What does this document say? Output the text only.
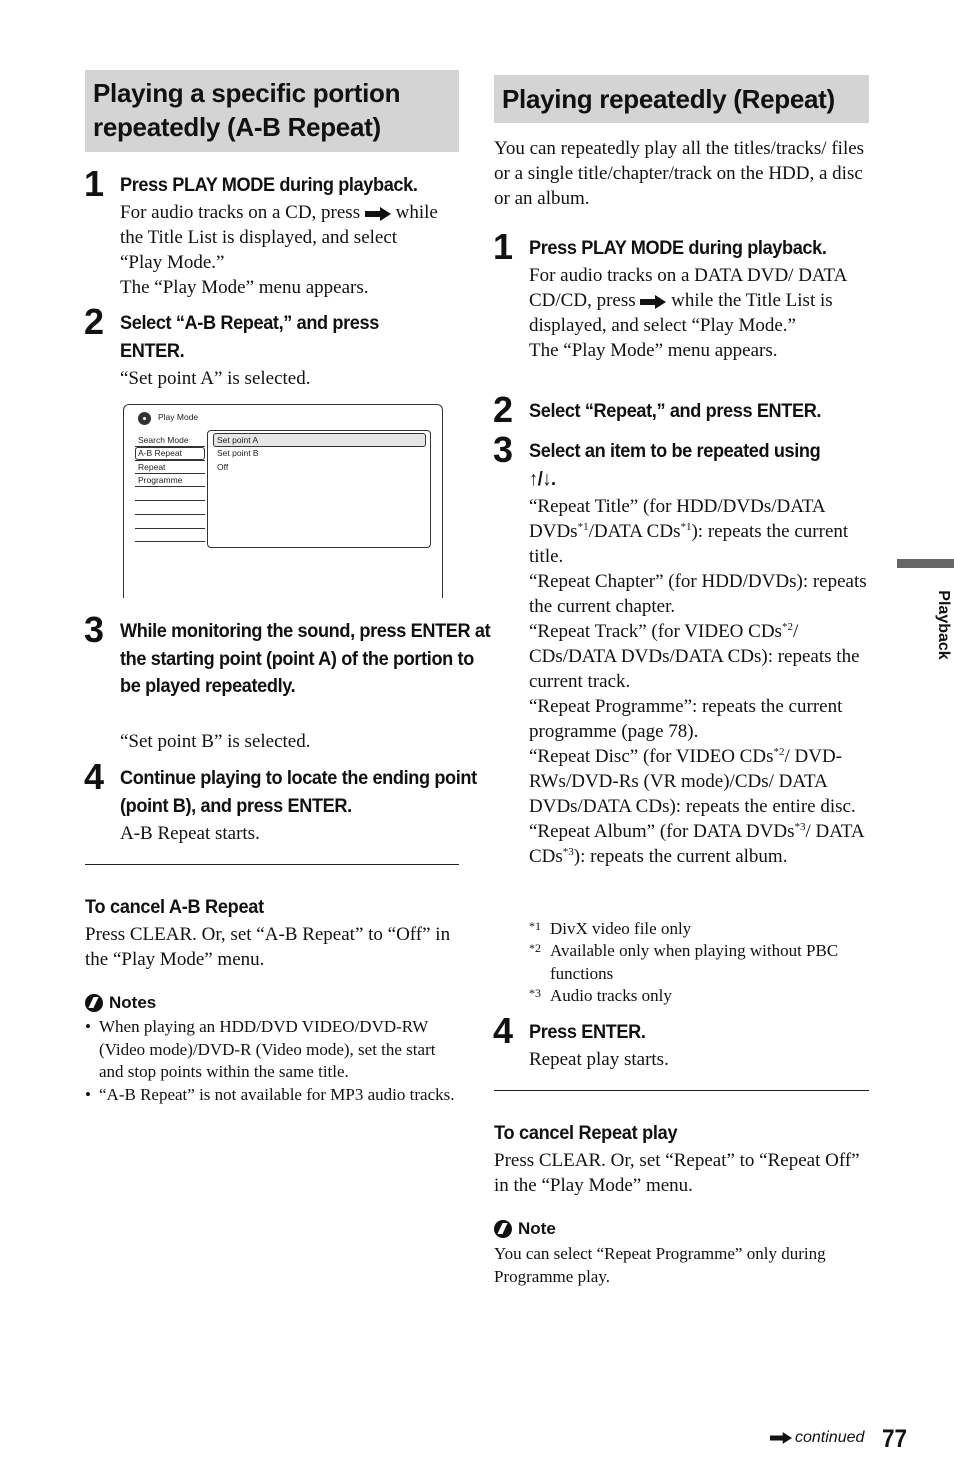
Playing a specific portion repeatedly (A-B Repeat)
1 Press PLAY MODE during playback.
For audio tracks on a CD, press while the Title List is displayed, and select “Play Mode.”
The “Play Mode” menu appears.
2 Select “A-B Repeat,” and press ENTER.
“Set point A” is selected.
Play Mode
Search Mode
A-B Repeat
Repeat
Programme
Set point A
Set point B
Off
3 While monitoring the sound, press ENTER at the starting point (point A) of the portion to be played repeatedly.
“Set point B” is selected.
4 Continue playing to locate the ending point (point B), and press ENTER.
A-B Repeat starts.
To cancel A-B Repeat
Press CLEAR. Or, set “A-B Repeat” to “Off” in the “Play Mode” menu.
Notes
• When playing an HDD/DVD VIDEO/DVD-RW (Video mode)/DVD-R (Video mode), set the start and stop points within the same title.
• “A-B Repeat” is not available for MP3 audio tracks.
Playing repeatedly (Repeat)
You can repeatedly play all the titles/tracks/ files or a single title/chapter/track on the HDD, a disc or an album.
1 Press PLAY MODE during playback.
For audio tracks on a DATA DVD/ DATA CD/CD, press while the Title List is displayed, and select “Play Mode.”
The “Play Mode” menu appears.
2 Select “Repeat,” and press ENTER.
3 Select an item to be repeated using
↑/↓.
“Repeat Title” (for HDD/DVDs/DATA DVDs$^{*1}$/DATA CDs$^{*1}$): repeats the current title.
“Repeat Chapter” (for HDD/DVDs): repeats the current chapter.
“Repeat Track” (for VIDEO CDs$^{*2}$/ CDs/DATA DVDs/DATA CDs): repeats the current track.
“Repeat Programme”: repeats the current programme (page 78).
“Repeat Disc” (for VIDEO CDs$^{*2}$/ DVD-RWs/DVD-Rs (VR mode)/CDs/ DATA DVDs/DATA CDs): repeats the entire disc.
“Repeat Album” (for DATA DVDs$^{*3}$/ DATA CDs$^{*3}$): repeats the current album.
*1 DivX video file only
*2 Available only when playing without PBC functions
*3 Audio tracks only
4 Press ENTER.
Repeat play starts.
To cancel Repeat play
Press CLEAR. Or, set “Repeat” to “Repeat Off” in the “Play Mode” menu.
Note
You can select “Repeat Programme” only during Programme play.
Playback
continued 77
